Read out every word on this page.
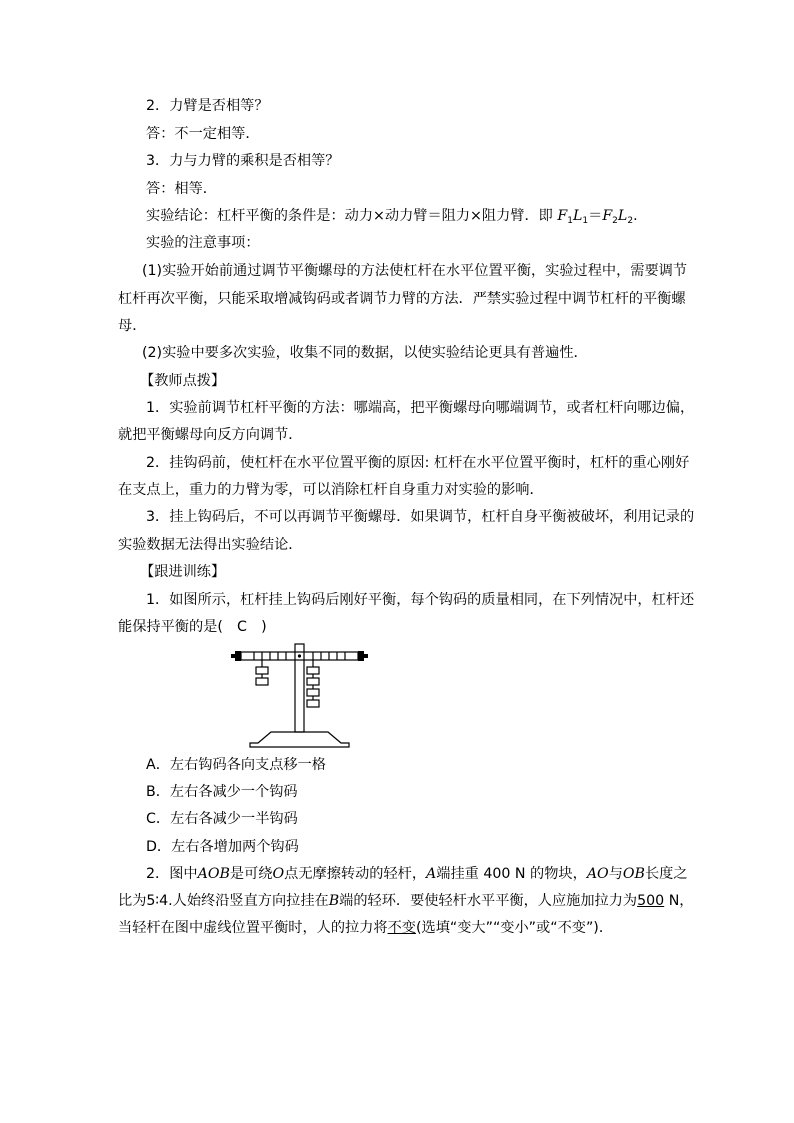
2．力臂是否相等？
答：不一定相等．
3．力与力臂的乘积是否相等？
答：相等．
实验结论：杠杆平衡的条件是：动力×动力臂＝阻力×阻力臂．即 $F_1L_1=F_2L_2$.
实验的注意事项：
(1)实验开始前通过调节平衡螺母的方法使杠杆在水平位置平衡，实验过程中，需要调节
杠杆再次平衡，只能采取增减钩码或者调节力臂的方法．严禁实验过程中调节杠杆的平衡螺
母．
(2)实验中要多次实验，收集不同的数据，以使实验结论更具有普遍性．
【教师点拨】
1．实验前调节杠杆平衡的方法：哪端高，把平衡螺母向哪端调节，或者杠杆向哪边偏，
就把平衡螺母向反方向调节．
2．挂钩码前，使杠杆在水平位置平衡的原因: 杠杆在水平位置平衡时，杠杆的重心刚好
在支点上，重力的力臂为零，可以消除杠杆自身重力对实验的影响．
3．挂上钩码后，不可以再调节平衡螺母．如果调节，杠杆自身平衡被破坏，利用记录的
实验数据无法得出实验结论．
【跟进训练】
1．如图所示，杠杆挂上钩码后刚好平衡，每个钩码的质量相同，在下列情况中，杠杆还
能保持平衡的是(　C　)
A．左右钩码各向支点移一格
B．左右各减少一个钩码
C．左右各减少一半钩码
D．左右各增加两个钩码
2．图中AOB是可绕O点无摩擦转动的轻杆，A端挂重 400 N 的物块，AO与OB长度之
比为5∶4.人始终沿竖直方向拉挂在B端的轻环．要使轻杆水平平衡，人应施加拉力为500 N，
当轻杆在图中虚线位置平衡时，人的拉力将不变(选填“变大”“变小”或“不变”)．
